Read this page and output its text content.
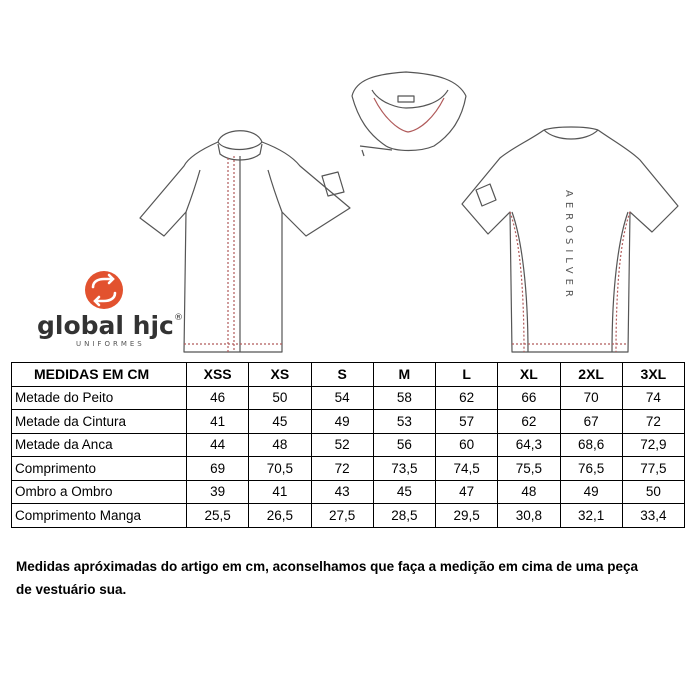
AEROSILVER
global hjc ®
UNIFORMES
MEDIDAS EM CM	XSS	XS	S	M	L	XL	2XL	3XL
Metade do Peito	46	50	54	58	62	66	70	74
Metade da Cintura	41	45	49	53	57	62	67	72
Metade da Anca	44	48	52	56	60	64,3	68,6	72,9
Comprimento	69	70,5	72	73,5	74,5	75,5	76,5	77,5
Ombro a Ombro	39	41	43	45	47	48	49	50
Comprimento Manga	25,5	26,5	27,5	28,5	29,5	30,8	32,1	33,4
Medidas apróximadas do artigo em cm, aconselhamos que faça a medição em cima de uma peça
de vestuário sua.
